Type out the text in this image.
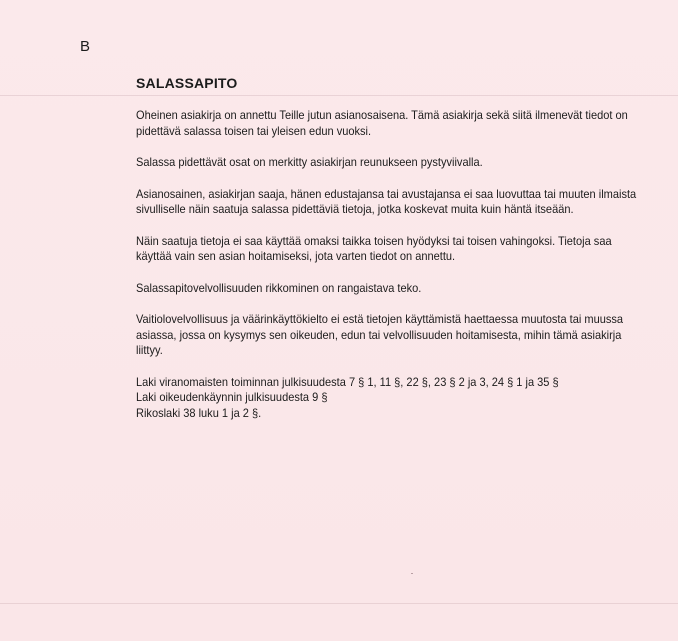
B
SALASSAPITO

Oheinen asiakirja on annettu Teille jutun asianosaisena. Tämä asiakirja sekä siitä ilmenevät tiedot on pidettävä salassa toisen tai yleisen edun vuoksi.

Salassa pidettävät osat on merkitty asiakirjan reunukseen pystyviivalla.

Asianosainen, asiakirjan saaja, hänen edustajansa tai avustajansa ei saa luovuttaa tai muuten ilmaista sivulliselle näin saatuja salassa pidettäviä tietoja, jotka koskevat muita kuin häntä itseään.

Näin saatuja tietoja ei saa käyttää omaksi taikka toisen hyödyksi tai toisen vahingoksi. Tietoja saa käyttää vain sen asian hoitamiseksi, jota varten tiedot on annettu.

Salassapitovelvollisuuden rikkominen on rangaistava teko.

Vaitiolovelvollisuus ja väärinkäyttökielto ei estä tietojen käyttämistä haettaessa muutosta tai muussa asiassa, jossa on kysymys sen oikeuden, edun tai velvollisuuden hoitamisesta, mihin tämä asiakirja liittyy.

Laki viranomaisten toiminnan julkisuudesta 7 § 1, 11 §, 22 §, 23 § 2 ja 3, 24 § 1 ja 35 §
Laki oikeudenkäynnin julkisuudesta 9 §
Rikoslaki 38 luku 1 ja 2 §.
